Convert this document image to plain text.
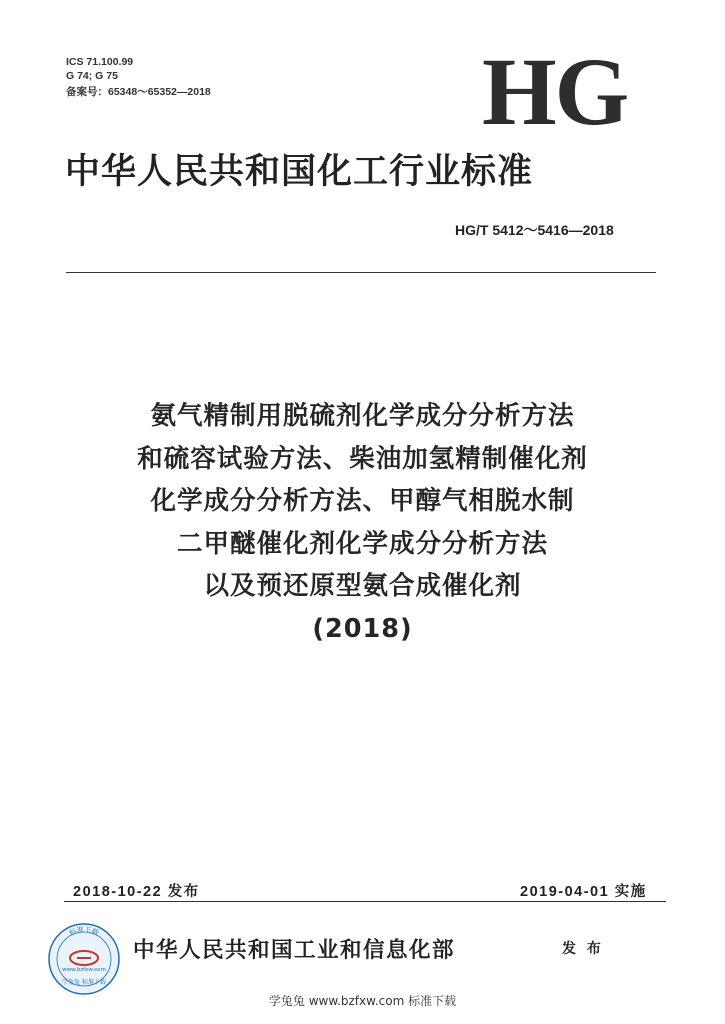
ICS 71.100.99
G 74; G 75
备案号：65348～65352—2018	HG
中华人民共和国化工行业标准
HG/T 5412～5416—2018
氨气精制用脱硫剂化学成分分析方法
和硫容试验方法、柴油加氢精制催化剂
化学成分分析方法、甲醇气相脱水制
二甲醚催化剂化学成分分析方法
以及预还原型氨合成催化剂
(2018)
2018-10-22 发布	2019-04-01 实施
标准下载
www.bzfxw.com
学兔兔 标准下载
中华人民共和国工业和信息化部	发 布
学兔兔 www.bzfxw.com 标准下载
